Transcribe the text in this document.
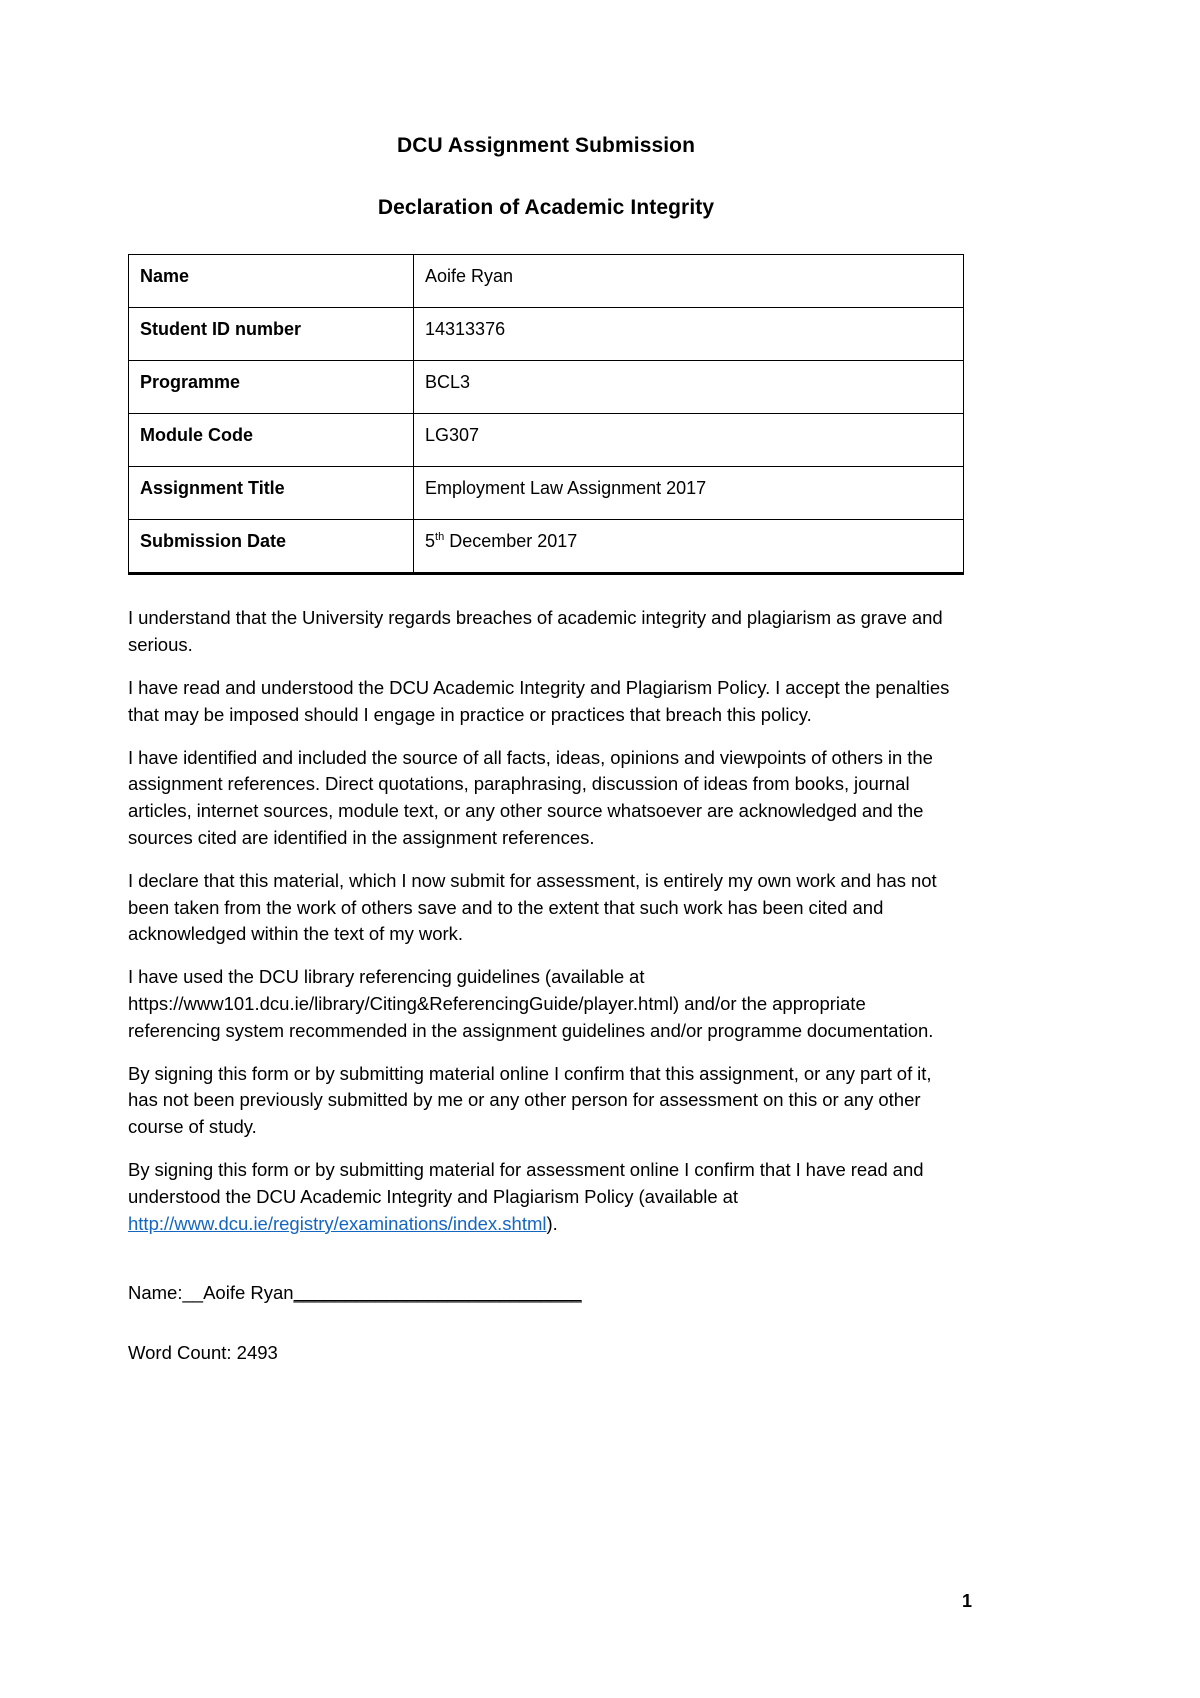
DCU Assignment Submission
Declaration of Academic Integrity
Name	Aoife Ryan
Student ID number	14313376
Programme	BCL3
Module Code	LG307
Assignment Title	Employment Law Assignment 2017
Submission Date	5th December 2017

I understand that the University regards breaches of academic integrity and plagiarism as grave and serious.

I have read and understood the DCU Academic Integrity and Plagiarism Policy. I accept the penalties that may be imposed should I engage in practice or practices that breach this policy.

I have identified and included the source of all facts, ideas, opinions and viewpoints of others in the assignment references. Direct quotations, paraphrasing, discussion of ideas from books, journal articles, internet sources, module text, or any other source whatsoever are acknowledged and the sources cited are identified in the assignment references.

I declare that this material, which I now submit for assessment, is entirely my own work and has not been taken from the work of others save and to the extent that such work has been cited and acknowledged within the text of my work.

I have used the DCU library referencing guidelines (available at https://www101.dcu.ie/library/Citing&ReferencingGuide/player.html) and/or the appropriate referencing system recommended in the assignment guidelines and/or programme documentation.

By signing this form or by submitting material online I confirm that this assignment, or any part of it, has not been previously submitted by me or any other person for assessment on this or any other course of study.

By signing this form or by submitting material for assessment online I confirm that I have read and understood the DCU Academic Integrity and Plagiarism Policy (available at http://www.dcu.ie/registry/examinations/index.shtml).

Name:__Aoife Ryan____________________________

Word Count: 2493

1
